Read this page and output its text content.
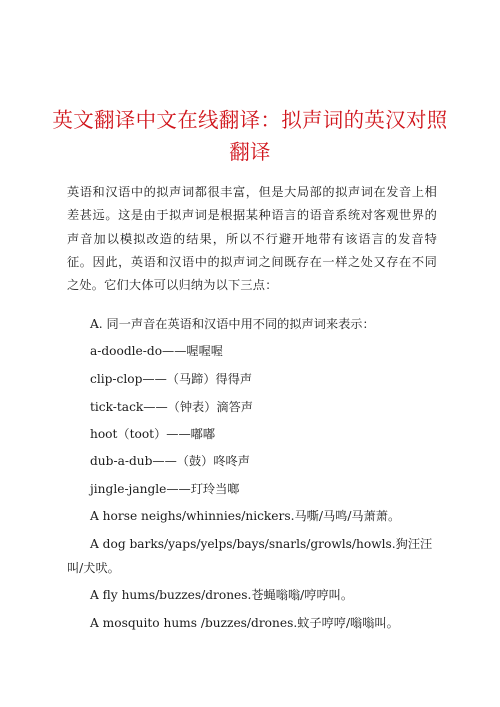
英文翻译中文在线翻译：拟声词的英汉对照翻译

英语和汉语中的拟声词都很丰富，但是大局部的拟声词在发音上相差甚远。这是由于拟声词是根据某种语言的语音系统对客观世界的声音加以模拟改造的结果，所以不行避开地带有该语言的发音特征。因此，英语和汉语中的拟声词之间既存在一样之处又存在不同之处。它们大体可以归纳为以下三点：

A. 同一声音在英语和汉语中用不同的拟声词来表示：

a-doodle-do——喔喔喔

clip-clop——（马蹄）得得声

tick-tack——（钟表）滴答声

hoot（toot）——嘟嘟

dub-a-dub——（鼓）咚咚声

jingle-jangle——玎玲当啷

A horse neighs/whinnies/nickers.马嘶/马鸣/马萧萧。

A dog barks/yaps/yelps/bays/snarls/growls/howls.狗汪汪叫/犬吠。

A fly hums/buzzes/drones.苍蝇嗡嗡/哼哼叫。

A mosquito hums /buzzes/drones.蚊子哼哼/嗡嗡叫。
